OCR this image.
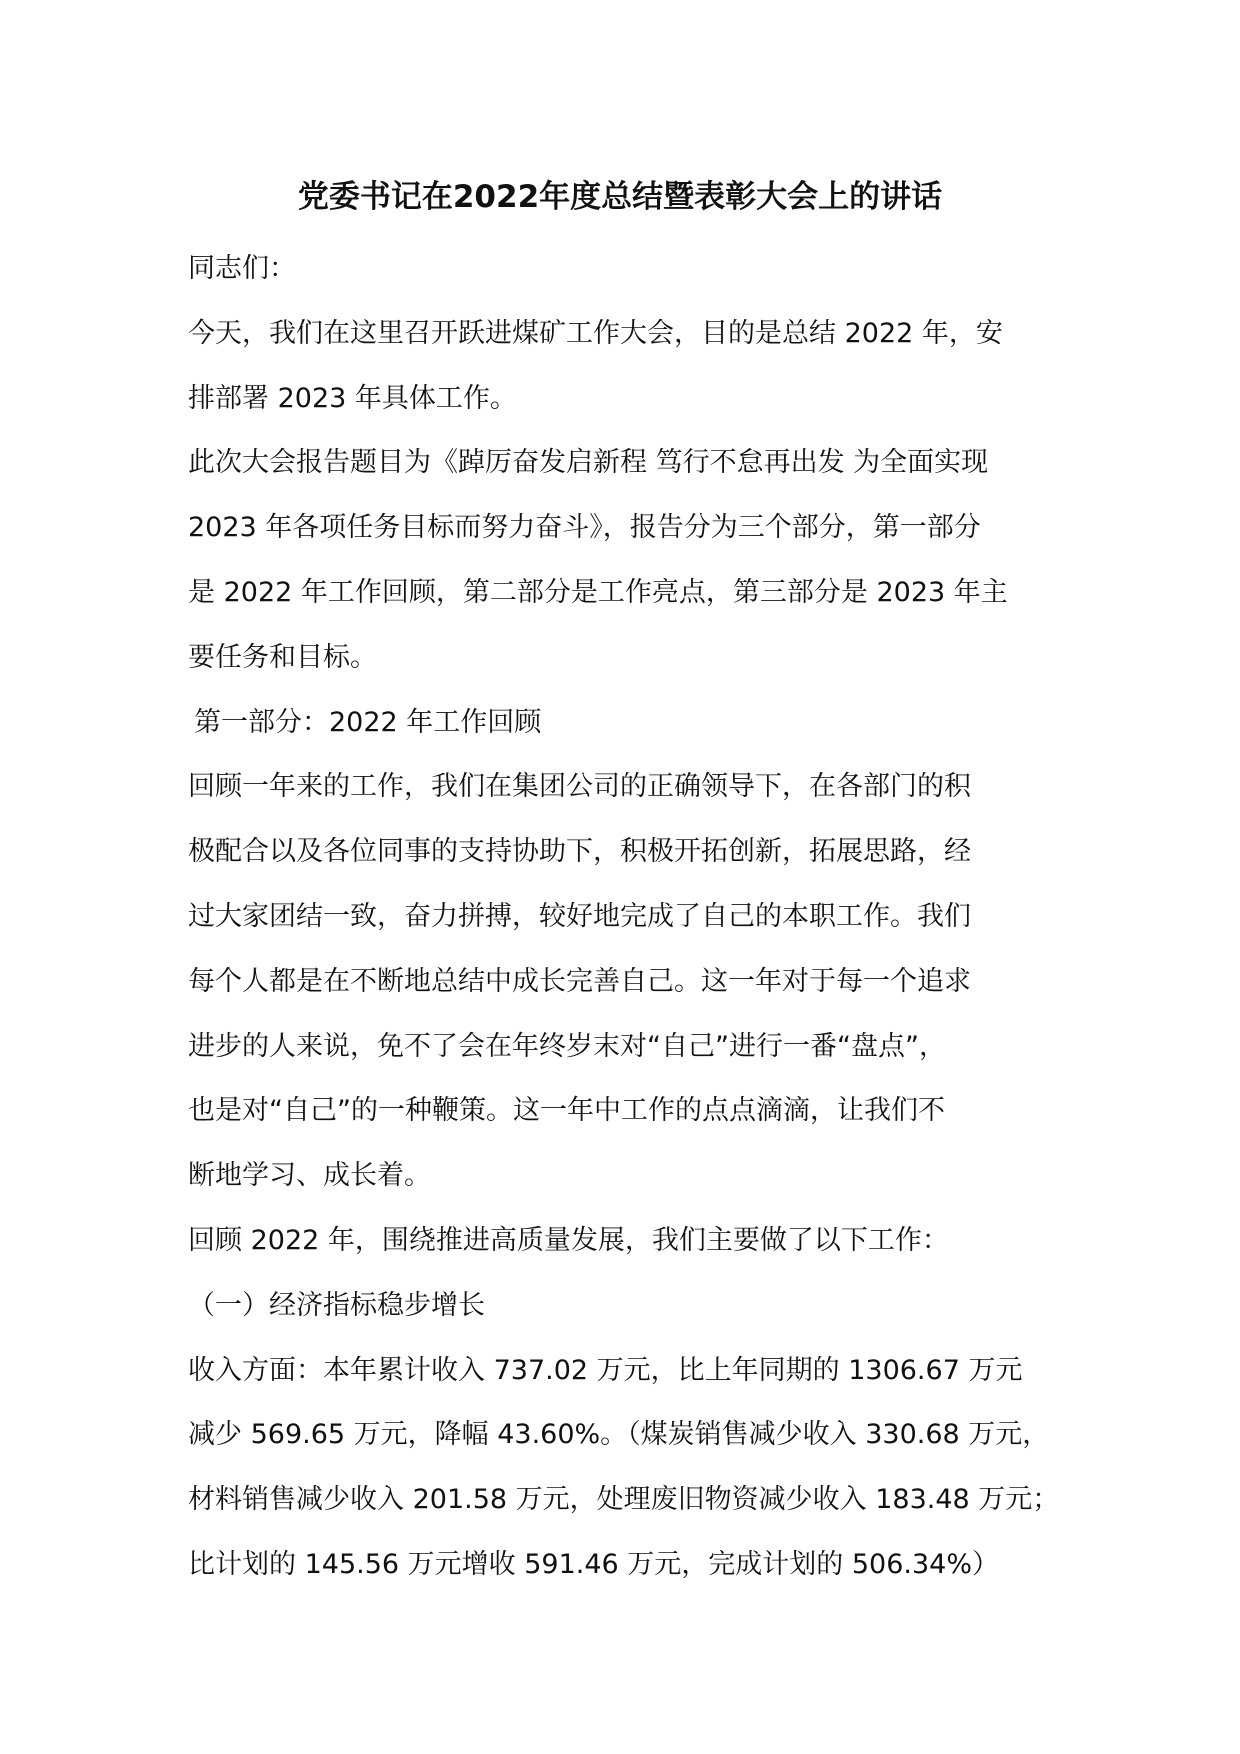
党委书记在2022年度总结暨表彰大会上的讲话
同志们：
今天，我们在这里召开跃进煤矿工作大会，目的是总结 2022 年，安
排部署 2023 年具体工作。
此次大会报告题目为《踔厉奋发启新程 笃行不怠再出发 为全面实现
2023 年各项任务目标而努力奋斗》，报告分为三个部分，第一部分
是 2022 年工作回顾，第二部分是工作亮点，第三部分是 2023 年主
要任务和目标。
第一部分：2022 年工作回顾
回顾一年来的工作，我们在集团公司的正确领导下，在各部门的积
极配合以及各位同事的支持协助下，积极开拓创新，拓展思路，经
过大家团结一致，奋力拼搏，较好地完成了自己的本职工作。我们
每个人都是在不断地总结中成长完善自己。这一年对于每一个追求
进步的人来说，免不了会在年终岁末对“自己”进行一番“盘点”，
也是对“自己”的一种鞭策。这一年中工作的点点滴滴，让我们不
断地学习、成长着。
回顾 2022 年，围绕推进高质量发展，我们主要做了以下工作：
（一）经济指标稳步增长
收入方面：本年累计收入 737.02 万元，比上年同期的 1306.67 万元
减少 569.65 万元，降幅 43.60%。（煤炭销售减少收入 330.68 万元，
材料销售减少收入 201.58 万元，处理废旧物资减少收入 183.48 万元；
比计划的 145.56 万元增收 591.46 万元，完成计划的 506.34%）
